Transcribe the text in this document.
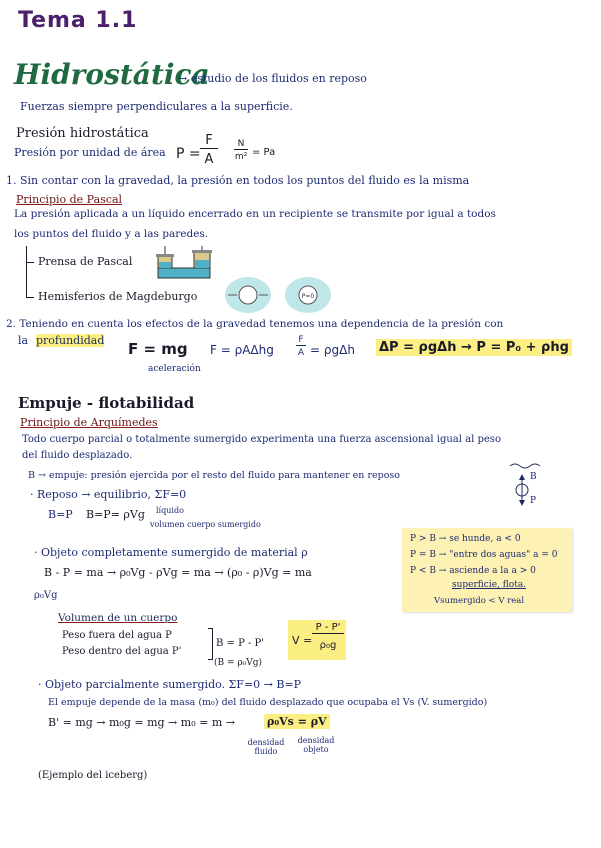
Tema 1.1
Hidrostática
→ estudio de los fluidos en reposo
Fuerzas siempre perpendiculares a la superficie.
Presión hidrostática
Presión por unidad de área P =
F
A
N
m² = Pa
1. Sin contar con la gravedad, la presión en todos los puntos del fluido es la misma
Principio de Pascal
La presión aplicada a un líquido encerrado en un recipiente se transmite por igual a todos
los puntos del fluido y a las paredes.
Prensa de Pascal
Hemisferios de Magdeburgo	P=0
2. Teniendo en cuenta los efectos de la gravedad tenemos una dependencia de la presión con
la profundidad F = mg
aceleración
F = ρAΔhg
F
A = ρgΔh ΔP = ρgΔh → P = P₀ + ρhg
Empuje - flotabilidad
Principio de Arquímedes
Todo cuerpo parcial o totalmente sumergido experimenta una fuerza ascensional igual al peso
del fluido desplazado.
B → empuje: presión ejercida por el resto del fluido para mantener en reposo
· Reposo → equilibrio, ΣF=0
B=P B=P= ρVg líquido
volumen cuerpo sumergido
B
P
P > B → se hunde, a < 0
P = B → "entre dos aguas" a = 0
P < B → asciende a la a > 0
superficie, flota.
Vsumergido < V real
· Objeto completamente sumergido de material ρ
B - P = ma → ρ₀Vg - ρVg = ma → (ρ₀ - ρ)Vg = ma
ρ₀Vg
Volumen de un cuerpo
Peso fuera del agua P
Peso dentro del agua P'
B = P - P'
(B = ρ₀Vg)
V =
P - P'
ρ₀g
· Objeto parcialmente sumergido. ΣF=0 → B=P
El empuje depende de la masa (m₀) del fluido desplazado que ocupaba el Vs (V. sumergido)
B' = mg → m₀g = mg → m₀ = m →	ρ₀Vs = ρV
densidad fluido
densidad objeto
(Ejemplo del iceberg)
